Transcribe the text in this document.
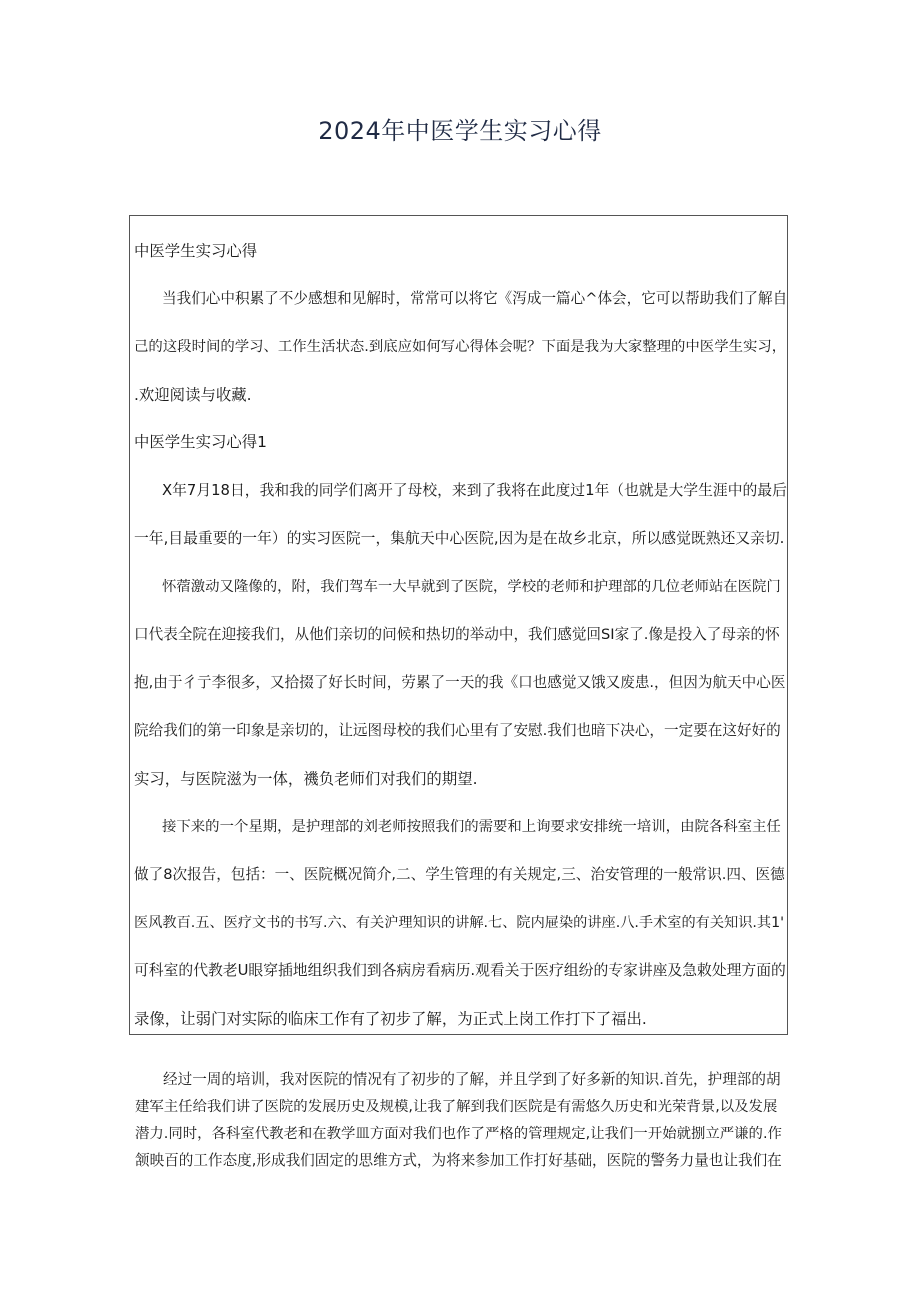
2024年中医学生实习心得
中医学生实习心得
当我们心中积累了不少感想和见解时，常常可以将它《泻成一篇心^体会，它可以帮助我们了解自
己的这段时间的学习、工作生活状态.到底应如何写心得体会呢？下面是我为大家整理的中医学生实习，
.欢迎阅读与收藏.
中医学生实习心得1
X年7月18日，我和我的同学们离开了母校，来到了我将在此度过1年（也就是大学生涯中的最后
一年,目最重要的一年）的实习医院一，集航天中心医院,因为是在故乡北京，所以感觉既熟还又亲切.
怀蓿激动又隆像的，附，我们驾车一大早就到了医院，学校的老师和护理部的几位老师站在医院门
口代表全院在迎接我们，从他们亲切的问候和热切的举动中，我们感觉回SI家了.像是投入了母亲的怀
抱,由于彳亍李很多，又拾掇了好长时间，劳累了一天的我《口也感觉又饿又废患.，但因为航天中心医
院给我们的第一印象是亲切的，让远图母校的我们心里有了安慰.我们也暗下决心，一定要在这好好的
实习，与医院滋为一体，禨负老师们对我们的期望.
接下来的一个星期，是护理部的刘老师按照我们的需要和上询要求安排统一培训，由院各科室主任
做了8次报告，包括：一、医院概况简介,二、学生管理的有关规定,三、治安管理的一般常识.四、医德
医风教百.五、医疗文书的书写.六、有关沪理知识的讲解.七、院内屉染的讲座.八.手术室的有关知识.其1'
可科室的代教老U眼穿插地组织我们到各病房看病历.观看关于医疗组纷的专家讲座及急敕处理方面的
录像，让弱门对实际的临床工作有了初步了解，为正式上岗工作打下了福出.
经过一周的培训，我对医院的情况有了初步的了解，并且学到了好多新的知识.首先，护理部的胡
建军主任给我们讲了医院的发展历史及规模,让我了解到我们医院是有需悠久历史和光荣背景,以及发展
潜力.同时，各科室代教老和在教学皿方面对我们也作了严格的管理规定,让我们一开始就捌立严谦的.作
颔映百的工作态度,形成我们固定的思维方式，为将来参加工作打好基础，医院的警务力量也让我们在
